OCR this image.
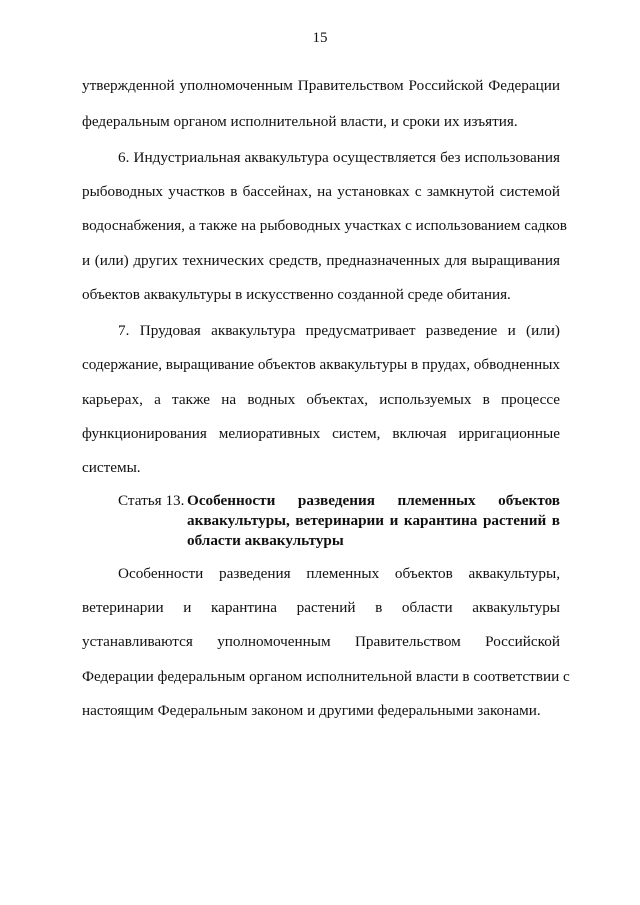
15
утвержденной уполномоченным Правительством Российской Федерации
федеральным органом исполнительной власти, и сроки их изъятия.
6. Индустриальная аквакультура осуществляется без использования
рыбоводных участков в бассейнах, на установках с замкнутой системой
водоснабжения, а также на рыбоводных участках с использованием садков
и (или) других технических средств, предназначенных для выращивания
объектов аквакультуры в искусственно созданной среде обитания.
7. Прудовая аквакультура предусматривает разведение и (или)
содержание, выращивание объектов аквакультуры в прудах, обводненных
карьерах, а также на водных объектах, используемых в процессе
функционирования мелиоративных систем, включая ирригационные
системы.
Статья 13. Особенности разведения племенных объектов
аквакультуры, ветеринарии и карантина растений в
области аквакультуры
Особенности разведения племенных объектов аквакультуры,
ветеринарии и карантина растений в области аквакультуры
устанавливаются уполномоченным Правительством Российской
Федерации федеральным органом исполнительной власти в соответствии с
настоящим Федеральным законом и другими федеральными законами.
